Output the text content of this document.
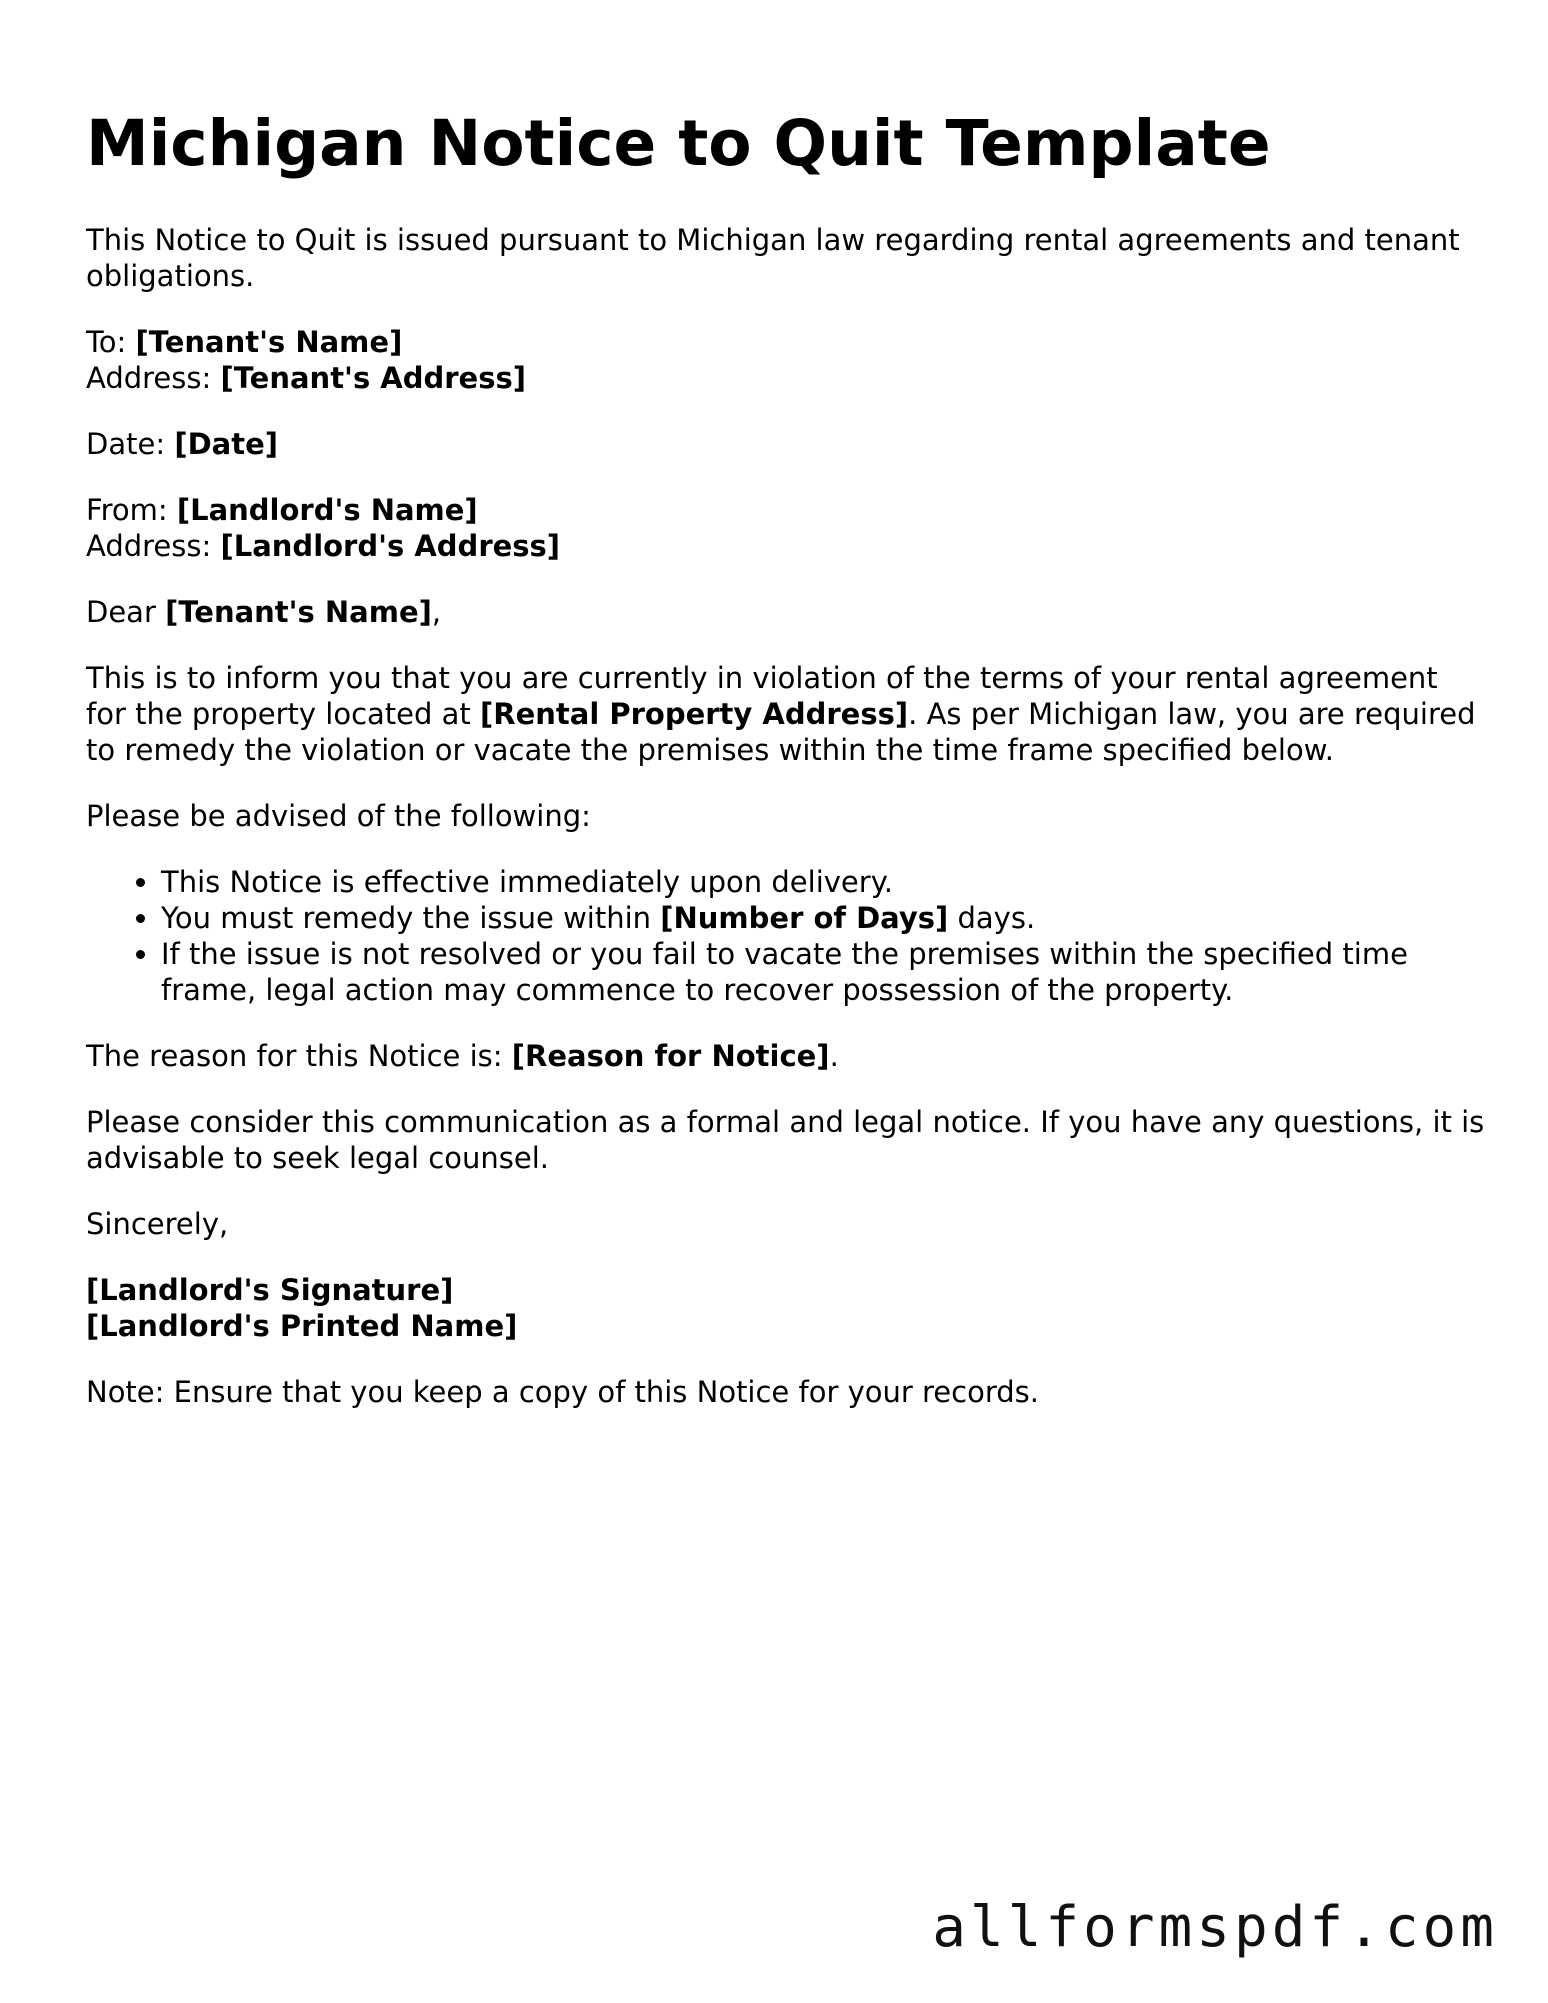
Michigan Notice to Quit Template

This Notice to Quit is issued pursuant to Michigan law regarding rental agreements and tenant obligations.

To: [Tenant's Name]
Address: [Tenant's Address]

Date: [Date]

From: [Landlord's Name]
Address: [Landlord's Address]

Dear [Tenant's Name],

This is to inform you that you are currently in violation of the terms of your rental agreement for the property located at [Rental Property Address]. As per Michigan law, you are required to remedy the violation or vacate the premises within the time frame specified below.

Please be advised of the following:

• This Notice is effective immediately upon delivery.
• You must remedy the issue within [Number of Days] days.
• If the issue is not resolved or you fail to vacate the premises within the specified time frame, legal action may commence to recover possession of the property.

The reason for this Notice is: [Reason for Notice].

Please consider this communication as a formal and legal notice. If you have any questions, it is advisable to seek legal counsel.

Sincerely,

[Landlord's Signature]
[Landlord's Printed Name]

Note: Ensure that you keep a copy of this Notice for your records.

allformspdf.com
